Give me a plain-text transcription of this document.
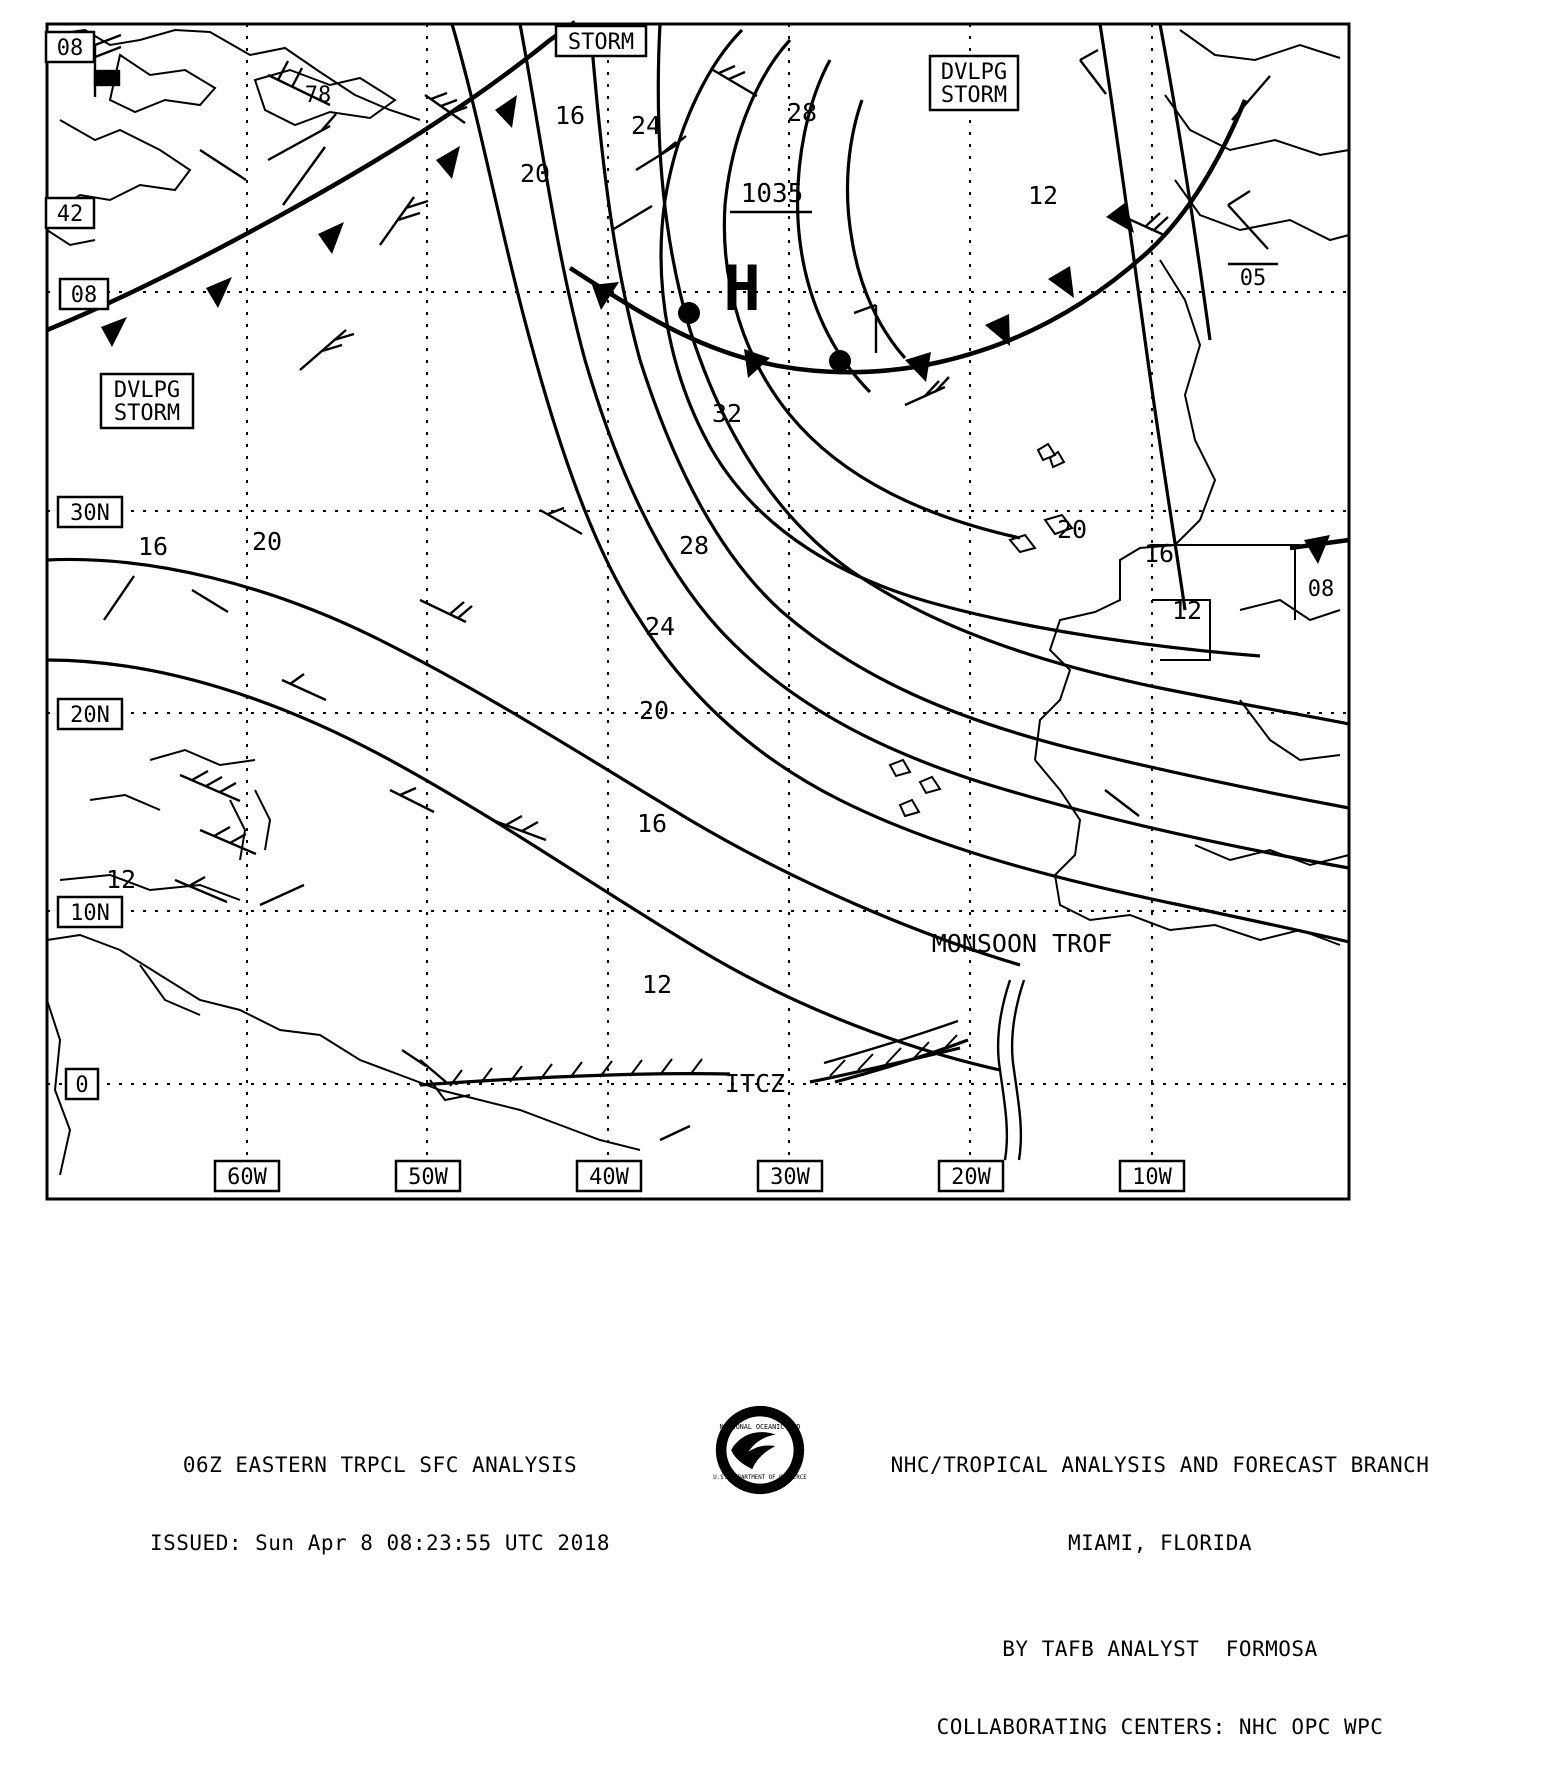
H
1035
16 24	28
20
12
32
16	20	28
20
16
12
24
20
16
12
12
STORM
DVLPG
STORM
DVLPG
STORM
MONSOON TROF
ITCZ
08
42
78
08
05
08
30N
20N
10N
0
60W	50W	40W	30W	20W	10W

06Z EASTERN TRPCL SFC ANALYSIS

ISSUED: Sun Apr 8 08:23:55 UTC 2018

NATIONAL OCEANIC AND
U.S. DEPARTMENT OF COMMERCE

NHC/TROPICAL ANALYSIS AND FORECAST BRANCH

MIAMI, FLORIDA

BY TAFB ANALYST  FORMOSA

COLLABORATING CENTERS: NHC OPC WPC
